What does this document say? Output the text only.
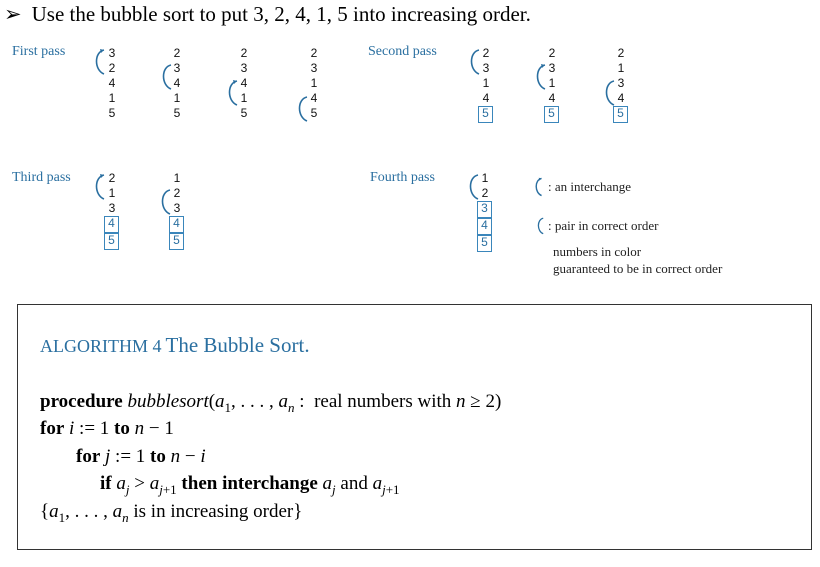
➢ Use the bubble sort to put 3, 2, 4, 1, 5 into increasing order.
First pass	Second pass
Third pass	Fourth pass
3
2
4
1
5
2
3
4
1
5
2
3
4
1
5
2
3
1
4
5
2
3
1
4
5
2
3
1
4
5
2
1
3
4
5
2
1
3
4
5
1
2
3
4
5
1
2
3
4
5
: an interchange
: pair in correct order
numbers in color
guaranteed to be in correct order
ALGORITHM 4 The Bubble Sort.
procedure $bubblesort(a_1$, . . . , $a_n$ :  real numbers with n ≥ 2)
for i := 1 to n − 1
for j := 1 to n − i
if $a_j > a_{j+1}$ then interchange $a_j$ and $a_{j+1}$
{$a_1$, . . . , $a_n$ is in increasing order}
